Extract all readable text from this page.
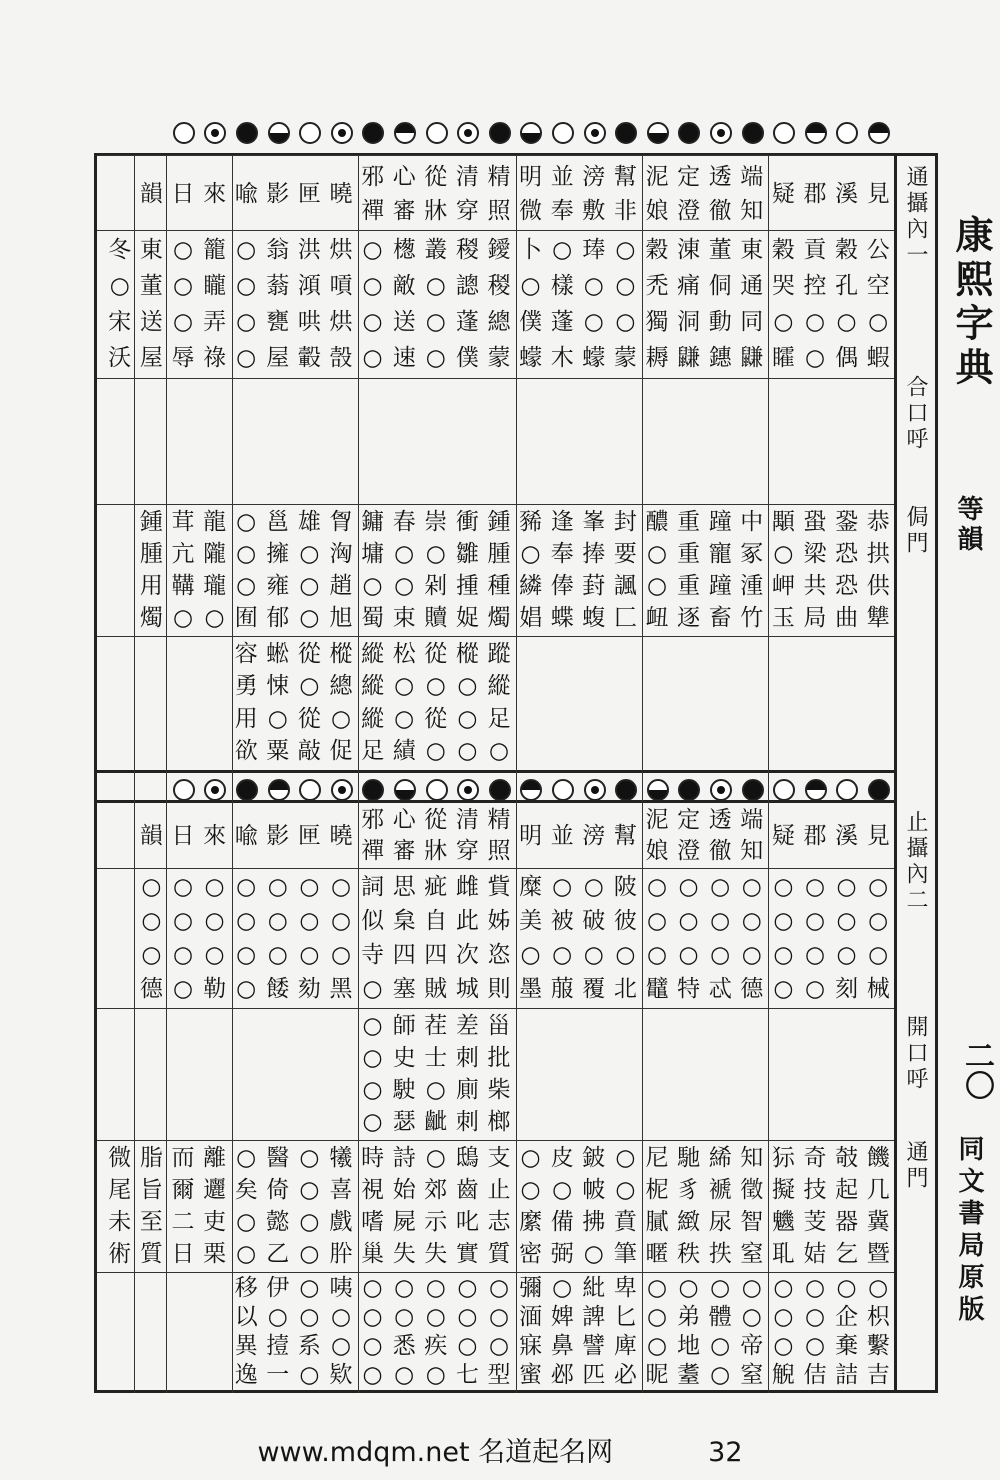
見
溪
郡
疑
端
知
透
徹
定
澄
泥
娘
幫
非
滂
敷
並
奉
明
微
精
照
清
穿
從
牀
心
審
邪
禪
曉
匣
影
喩
來
日
韻
公
空
○
蝦
穀
孔
○
偶
貢
控
○
○
穀
哭
○
矐
東
通
同
鼸
董
侗
動
鏸
涷
痛
洞
鼸
穀
禿
獨
耨
○
○
○
蒙
琫
○
○
蠓
○
樣
蓬
木
卜
○
僕
蠓
鑀
稯
總
蒙
稯
謥
蓬
僕
叢
○
○
○
檧
敵
送
速
○
○
○
○
烘
嗊
烘
嗀
洪
澒
哄
轂
翁
蓊
甕
屋
○
○
○
○
籠
矓
弄
祿
○
○
○
辱
東
董
送
屋
冬
○
宋
沃
恭
拱
供
犨
銎
恐
恐
曲
蛩
梁
共
局
顒
○
岬
玉
中
冢
湩
竹
蹱
寵
蹱
畜
重
重
重
逐
醲
○
○
衄
封
要
諷
匚
峯
捧
葑
蝮
逢
奉
俸
蝶
豨
○
繗
娼
鍾
腫
種
燭
衝
雛
揰
娖
崇
○
剁
贖
春
○
○
束
鏞
墉
○
蜀
胷
洶
趙
旭
雄
○
○
○
邕
擁
雍
郁
○
○
○
囿
龍
隴
瓏
○
茸
亢
鞲
○
鍾
腫
用
燭
蹤
縱
足
○
樅
○
○
○
從
○
從
○
松
○
○
績
縱
縱
縱
足
樅
總
○
促
從
○
從
敲
蜙
悚
○
粟
容
勇
用
欲
見
溪
郡
疑
端
知
透
徹
定
澄
泥
娘
幫
滂
並
明
精
照
清
穿
從
牀
心
審
邪
禪
曉
匣
影
喩
來
日
韻
○
○
○
械
○
○
○
刻
○
○
○
○
○
○
○
○
○
○
○
德
○
○
○
忒
○
○
○
特
○
○
○
鼊
陂
彼
○
北
○
破
○
覆
○
被
○
菔
糜
美
○
墨
貲
姊
恣
則
雌
此
次
城
疵
自
四
賊
思
枲
四
塞
詞
似
寺
○
○
○
○
黑
○
○
○
劾
○
○
○
餧
○
○
○
○
○
○
○
勒
○
○
○
○
○
○
○
德
甾
批
柴
榔
差
刺
廁
刺
茬
士
○
齜
師
史
駛
瑟
○
○
○
○
饑
几
冀
暨
攲
起
器
乞
奇
技
芰
姞
狋
擬
魕
耴
知
徵
智
窒
絺
褫
尿
抶
馳
豸
緻
秩
尼
柅
膩
暱
○
○
賁
筆
鈹
帔
拂
○
皮
○
備
弼
○
○
縻
密
支
止
志
質
鴟
齒
叱
實
○
郊
示
失
詩
始
屍
失
時
視
嗜
巢
犧
喜
戲
肸
○
○
○
○
醫
倚
懿
乙
○
矣
○
○
離
邐
吏
栗
而
爾
二
日
脂
旨
至
質
微
尾
未
術
○
枳
繫
吉
○
企
棄
詰
○
○
○
佶
○
○
○
觬
○
○
帝
窒
○
體
○
○
○
弟
地
耋
○
○
○
昵
卑
匕
庳
必
紕
諀
譬
匹
○
婢
鼻
邲
彌
湎
寐
蜜
○
○
○
型
○
○
○
七
○
○
疾
○
○
○
悉
○
○
○
○
○
咦
○
○
欵
○
○
系
○
伊
○
撎
一
移
以
異
逸
通攝內一
合口呼
侷門
止攝內二
開口呼
通門
康熙字典
等韻
二〇
同文書局原版
www.mdqm.net 名道起名网	32
